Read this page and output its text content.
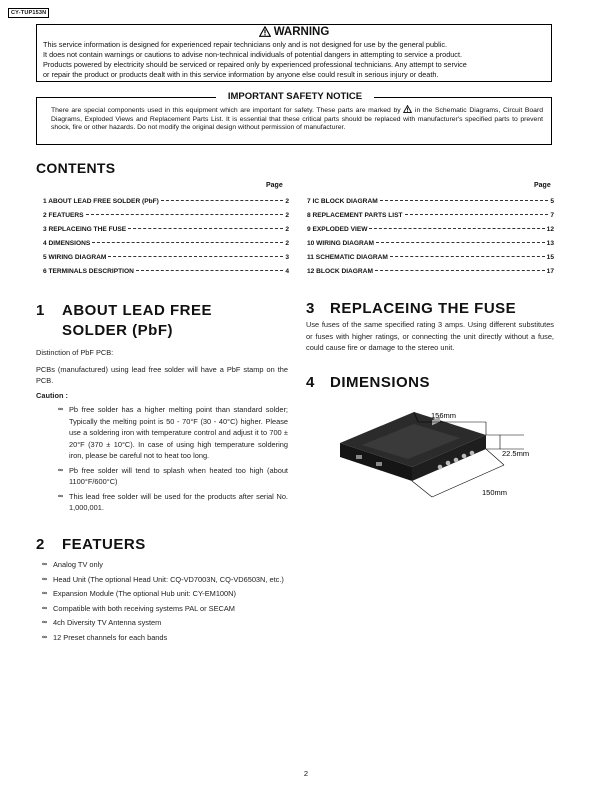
CY-TUP153N
WARNING
This service information is designed for experienced repair technicians only and is not designed for use by the general public.
It does not contain warnings or cautions to advise non-technical individuals of potential dangers in attempting to service a product.
Products powered by electricity should be serviced or repaired only by experienced professional technicians. Any attempt to service
or repair the product or products dealt with in this service information by anyone else could result in serious injury or death.
IMPORTANT SAFETY NOTICE
There are special components used in this equipment which are important for safety. These parts are marked by  in the Schematic Diagrams, Circuit Board Diagrams, Exploded Views and Replacement Parts List. It is essential that these critical parts should be replaced with manufacturer's specified parts to prevent shock, fire or other hazards. Do not modify the original design without permission of manufacturer.
CONTENTS
Page	Page
1 ABOUT LEAD FREE SOLDER (PbF)	2
2 FEATUERS	2
3 REPLACEING THE FUSE	2
4 DIMENSIONS	2
5 WIRING DIAGRAM	3
6 TERMINALS DESCRIPTION	4
7 IC BLOCK DIAGRAM	5
8 REPLACEMENT PARTS LIST	7
9 EXPLODED VIEW	12
10 WIRING DIAGRAM	13
11 SCHEMATIC DIAGRAM	15
12 BLOCK DIAGRAM	17
1 ABOUT LEAD FREE
SOLDER (PbF)
Distinction of PbF PCB:
PCBs (manufactured) using lead free solder will have a PbF stamp on the PCB.
Caution :
∞ Pb free solder has a higher melting point than standard solder; Typically the melting point is 50 - 70°F (30 - 40°C) higher. Please use a soldering iron with temperature control and adjust it to 700 ± 20°F (370 ± 10°C). In case of using high temperature soldering iron, please be careful not to heat too long.
∞ Pb free solder will tend to splash when heated too high (about 1100°F/600°C)
∞ This lead free solder will be used for the products after serial No. 1,000,001.
2 FEATUERS
∞ Analog TV only
∞ Head Unit (The optional Head Unit: CQ-VD7003N, CQ-VD6503N, etc.)
∞ Expansion Module (The optional Hub unit: CY-EM100N)
∞ Compatible with both receiving systems PAL or SECAM
∞ 4ch Diversity TV Antenna system
∞ 12 Preset channels for each bands
3 REPLACEING THE FUSE
Use fuses of the same specified rating 3 amps. Using different substitutes or fuses with higher ratings, or connecting the unit directly without a fuse, could cause fire or damage to the stereo unit.
4 DIMENSIONS
156mm
22.5mm
150mm
2
